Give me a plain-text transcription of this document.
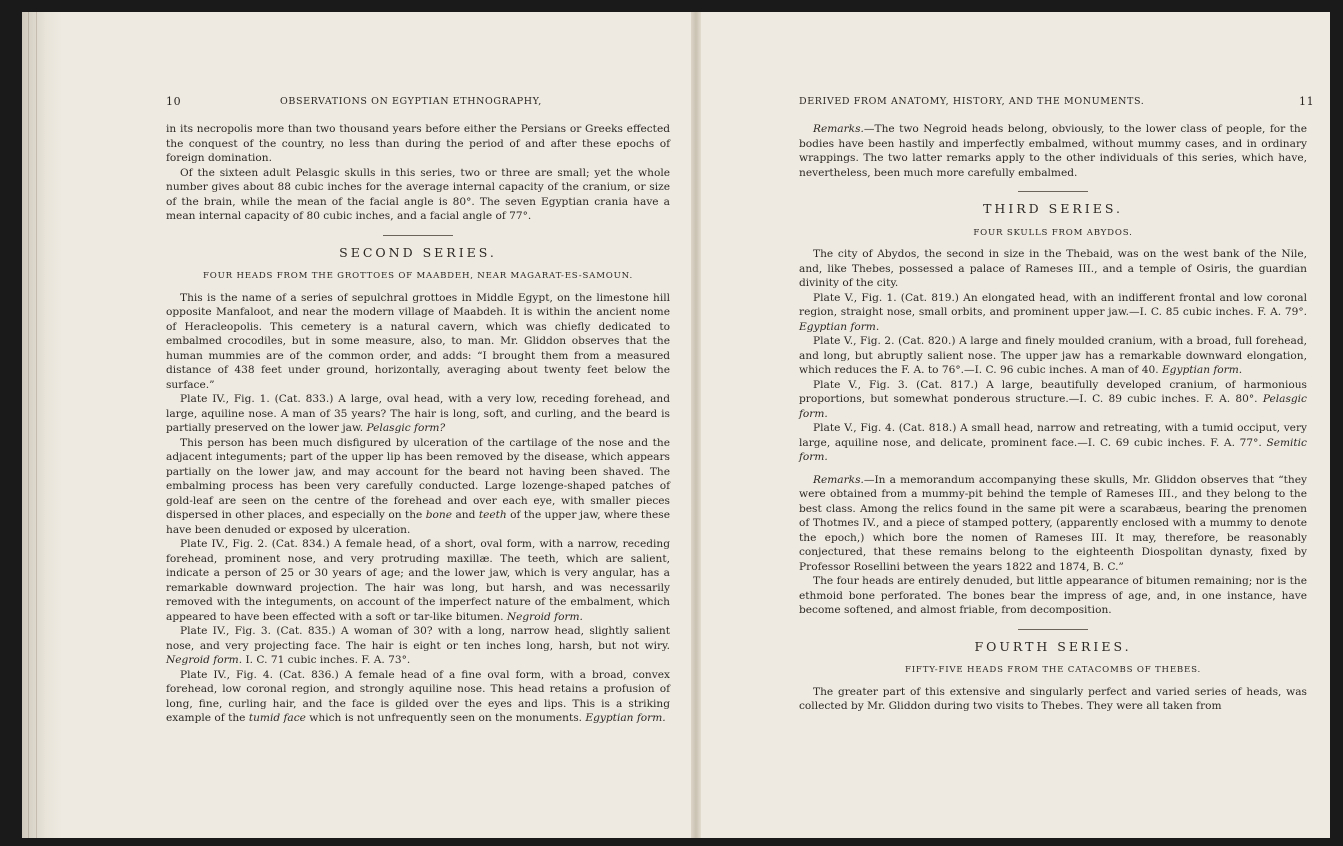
10	OBSERVATIONS ON EGYPTIAN ETHNOGRAPHY,

in its necropolis more than two thousand years before either the Persians or Greeks effected the conquest of the country, no less than during the period of and after these epochs of foreign domination.

Of the sixteen adult Pelasgic skulls in this series, two or three are small; yet the whole number gives about 88 cubic inches for the average internal capacity of the cranium, or size of the brain, while the mean of the facial angle is 80°. The seven Egyptian crania have a mean internal capacity of 80 cubic inches, and a facial angle of 77°.

SECOND SERIES.
FOUR HEADS FROM THE GROTTOES OF MAABDEH, NEAR MAGARAT-ES-SAMOUN.

This is the name of a series of sepulchral grottoes in Middle Egypt, on the limestone hill opposite Manfaloot, and near the modern village of Maabdeh. It is within the ancient nome of Heracleopolis. This cemetery is a natural cavern, which was chiefly dedicated to embalmed crocodiles, but in some measure, also, to man. Mr. Gliddon observes that the human mummies are of the common order, and adds: “I brought them from a measured distance of 438 feet under ground, horizontally, averaging about twenty feet below the surface.”

Plate IV., Fig. 1. (Cat. 833.) A large, oval head, with a very low, receding forehead, and large, aquiline nose. A man of 35 years? The hair is long, soft, and curling, and the beard is partially preserved on the lower jaw. Pelasgic form?

This person has been much disfigured by ulceration of the cartilage of the nose and the adjacent integuments; part of the upper lip has been removed by the disease, which appears partially on the lower jaw, and may account for the beard not having been shaved. The embalming process has been very carefully conducted. Large lozenge-shaped patches of gold-leaf are seen on the centre of the forehead and over each eye, with smaller pieces dispersed in other places, and especially on the bone and teeth of the upper jaw, where these have been denuded or exposed by ulceration.

Plate IV., Fig. 2. (Cat. 834.) A female head, of a short, oval form, with a narrow, receding forehead, prominent nose, and very protruding maxillæ. The teeth, which are salient, indicate a person of 25 or 30 years of age; and the lower jaw, which is very angular, has a remarkable downward projection. The hair was long, but harsh, and was necessarily removed with the integuments, on account of the imperfect nature of the embalment, which appeared to have been effected with a soft or tar-like bitumen. Negroid form.

Plate IV., Fig. 3. (Cat. 835.) A woman of 30? with a long, narrow head, slightly salient nose, and very projecting face. The hair is eight or ten inches long, harsh, but not wiry. Negroid form. I. C. 71 cubic inches. F. A. 73°.

Plate IV., Fig. 4. (Cat. 836.) A female head of a fine oval form, with a broad, convex forehead, low coronal region, and strongly aquiline nose. This head retains a profusion of long, fine, curling hair, and the face is gilded over the eyes and lips. This is a striking example of the tumid face which is not unfrequently seen on the monuments. Egyptian form.

DERIVED FROM ANATOMY, HISTORY, AND THE MONUMENTS.	11

Remarks.—The two Negroid heads belong, obviously, to the lower class of people, for the bodies have been hastily and imperfectly embalmed, without mummy cases, and in ordinary wrappings. The two latter remarks apply to the other individuals of this series, which have, nevertheless, been much more carefully embalmed.

THIRD SERIES.
FOUR SKULLS FROM ABYDOS.

The city of Abydos, the second in size in the Thebaid, was on the west bank of the Nile, and, like Thebes, possessed a palace of Rameses III., and a temple of Osiris, the guardian divinity of the city.

Plate V., Fig. 1. (Cat. 819.) An elongated head, with an indifferent frontal and low coronal region, straight nose, small orbits, and prominent upper jaw.—I. C. 85 cubic inches. F. A. 79°. Egyptian form.

Plate V., Fig. 2. (Cat. 820.) A large and finely moulded cranium, with a broad, full forehead, and long, but abruptly salient nose. The upper jaw has a remarkable downward elongation, which reduces the F. A. to 76°.—I. C. 96 cubic inches. A man of 40. Egyptian form.

Plate V., Fig. 3. (Cat. 817.) A large, beautifully developed cranium, of harmonious proportions, but somewhat ponderous structure.—I. C. 89 cubic inches. F. A. 80°. Pelasgic form.

Plate V., Fig. 4. (Cat. 818.) A small head, narrow and retreating, with a tumid occiput, very large, aquiline nose, and delicate, prominent face.—I. C. 69 cubic inches. F. A. 77°. Semitic form.

Remarks.—In a memorandum accompanying these skulls, Mr. Gliddon observes that “they were obtained from a mummy-pit behind the temple of Rameses III., and they belong to the best class. Among the relics found in the same pit were a scarabæus, bearing the prenomen of Thotmes IV., and a piece of stamped pottery, (apparently enclosed with a mummy to denote the epoch,) which bore the nomen of Rameses III. It may, therefore, be reasonably conjectured, that these remains belong to the eighteenth Diospolitan dynasty, fixed by Professor Rosellini between the years 1822 and 1874, B. C.”

The four heads are entirely denuded, but little appearance of bitumen remaining; nor is the ethmoid bone perforated. The bones bear the impress of age, and, in one instance, have become softened, and almost friable, from decomposition.

FOURTH SERIES.
FIFTY-FIVE HEADS FROM THE CATACOMBS OF THEBES.

The greater part of this extensive and singularly perfect and varied series of heads, was collected by Mr. Gliddon during two visits to Thebes. They were all taken from
